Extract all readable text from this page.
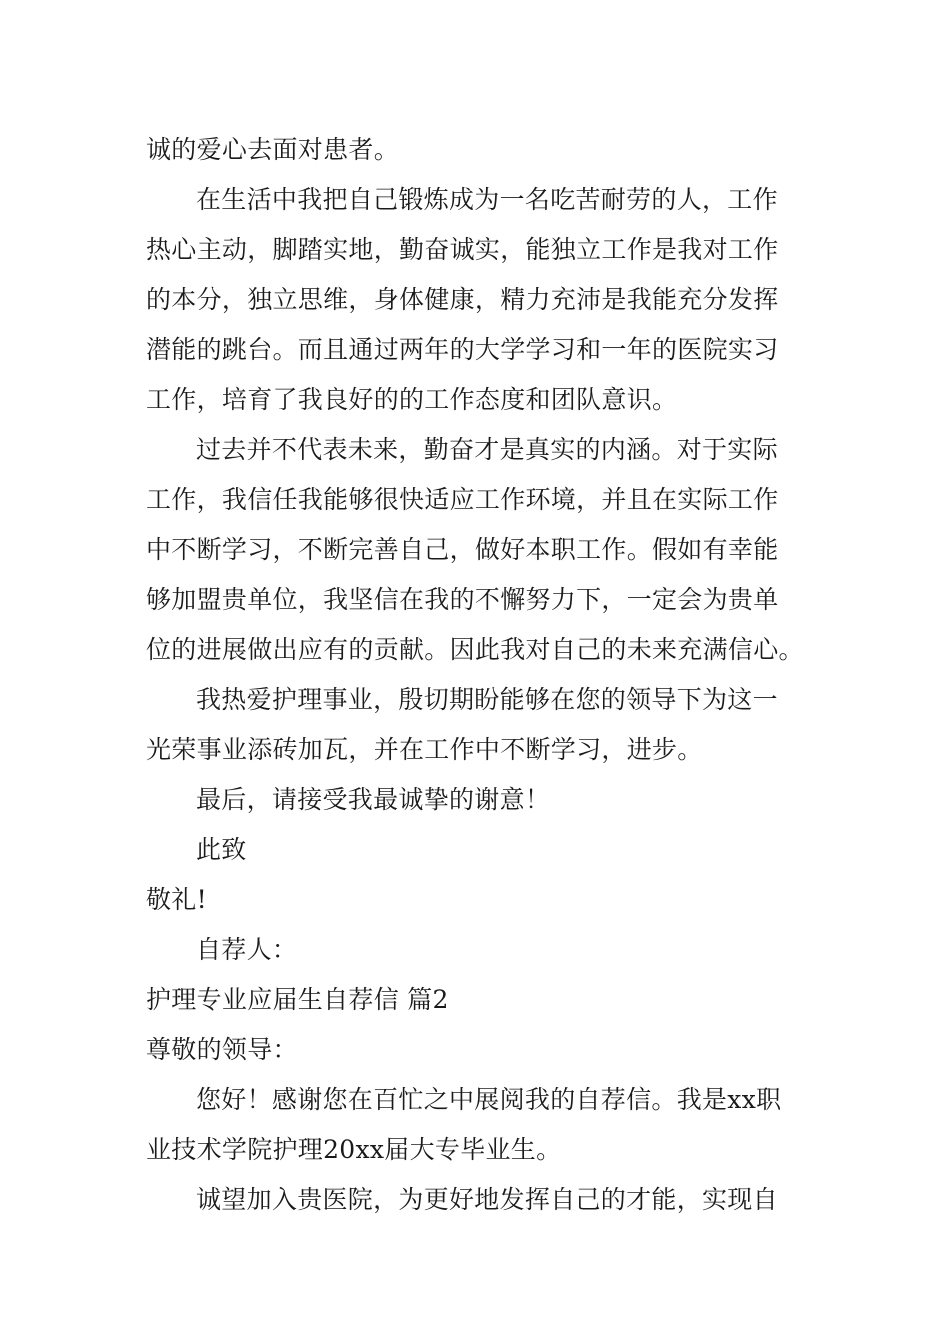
诚的爱心去面对患者。
在生活中我把自己锻炼成为一名吃苦耐劳的人，工作
热心主动，脚踏实地，勤奋诚实，能独立工作是我对工作
的本分，独立思维，身体健康，精力充沛是我能充分发挥
潜能的跳台。而且通过两年的大学学习和一年的医院实习
工作，培育了我良好的的工作态度和团队意识。
过去并不代表未来，勤奋才是真实的内涵。对于实际
工作，我信任我能够很快适应工作环境，并且在实际工作
中不断学习，不断完善自己，做好本职工作。假如有幸能
够加盟贵单位，我坚信在我的不懈努力下，一定会为贵单
位的进展做出应有的贡献。因此我对自己的未来充满信心。
我热爱护理事业，殷切期盼能够在您的领导下为这一
光荣事业添砖加瓦，并在工作中不断学习，进步。
最后，请接受我最诚挚的谢意！
此致
敬礼!
自荐人：
护理专业应届生自荐信 篇2
尊敬的领导：
您好！感谢您在百忙之中展阅我的自荐信。我是xx职
业技术学院护理20xx届大专毕业生。
诚望加入贵医院，为更好地发挥自己的才能，实现自
